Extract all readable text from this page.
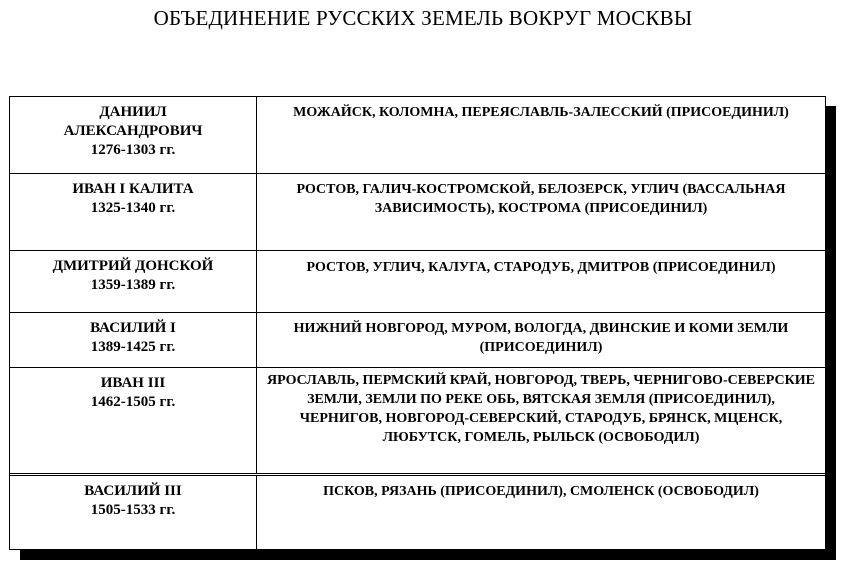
ОБЪЕДИНЕНИЕ РУССКИХ ЗЕМЕЛЬ ВОКРУГ МОСКВЫ
ДАНИИЛ
АЛЕКСАНДРОВИЧ
1276-1303 гг.
МОЖАЙСК, КОЛОМНА, ПЕРЕЯСЛАВЛЬ-ЗАЛЕССКИЙ (ПРИСОЕДИНИЛ)
ИВАН I КАЛИТА
1325-1340 гг.
РОСТОВ, ГАЛИЧ-КОСТРОМСКОЙ, БЕЛОЗЕРСК, УГЛИЧ (ВАССАЛЬНАЯ ЗАВИСИМОСТЬ), КОСТРОМА (ПРИСОЕДИНИЛ)
ДМИТРИЙ ДОНСКОЙ
1359-1389 гг.
РОСТОВ, УГЛИЧ, КАЛУГА, СТАРОДУБ, ДМИТРОВ (ПРИСОЕДИНИЛ)
ВАСИЛИЙ I
1389-1425 гг.
НИЖНИЙ НОВГОРОД, МУРОМ, ВОЛОГДА, ДВИНСКИЕ И КОМИ ЗЕМЛИ (ПРИСОЕДИНИЛ)
ИВАН III
1462-1505 гг.
ЯРОСЛАВЛЬ, ПЕРМСКИЙ КРАЙ, НОВГОРОД, ТВЕРЬ, ЧЕРНИГОВО-СЕВЕРСКИЕ ЗЕМЛИ, ЗЕМЛИ ПО РЕКЕ ОБЬ, ВЯТСКАЯ ЗЕМЛЯ (ПРИСОЕДИНИЛ), ЧЕРНИГОВ, НОВГОРОД-СЕВЕРСКИЙ, СТАРОДУБ, БРЯНСК, МЦЕНСК, ЛЮБУТСК, ГОМЕЛЬ, РЫЛЬСК (ОСВОБОДИЛ)
ВАСИЛИЙ III
1505-1533 гг.
ПСКОВ, РЯЗАНЬ (ПРИСОЕДИНИЛ), СМОЛЕНСК (ОСВОБОДИЛ)
